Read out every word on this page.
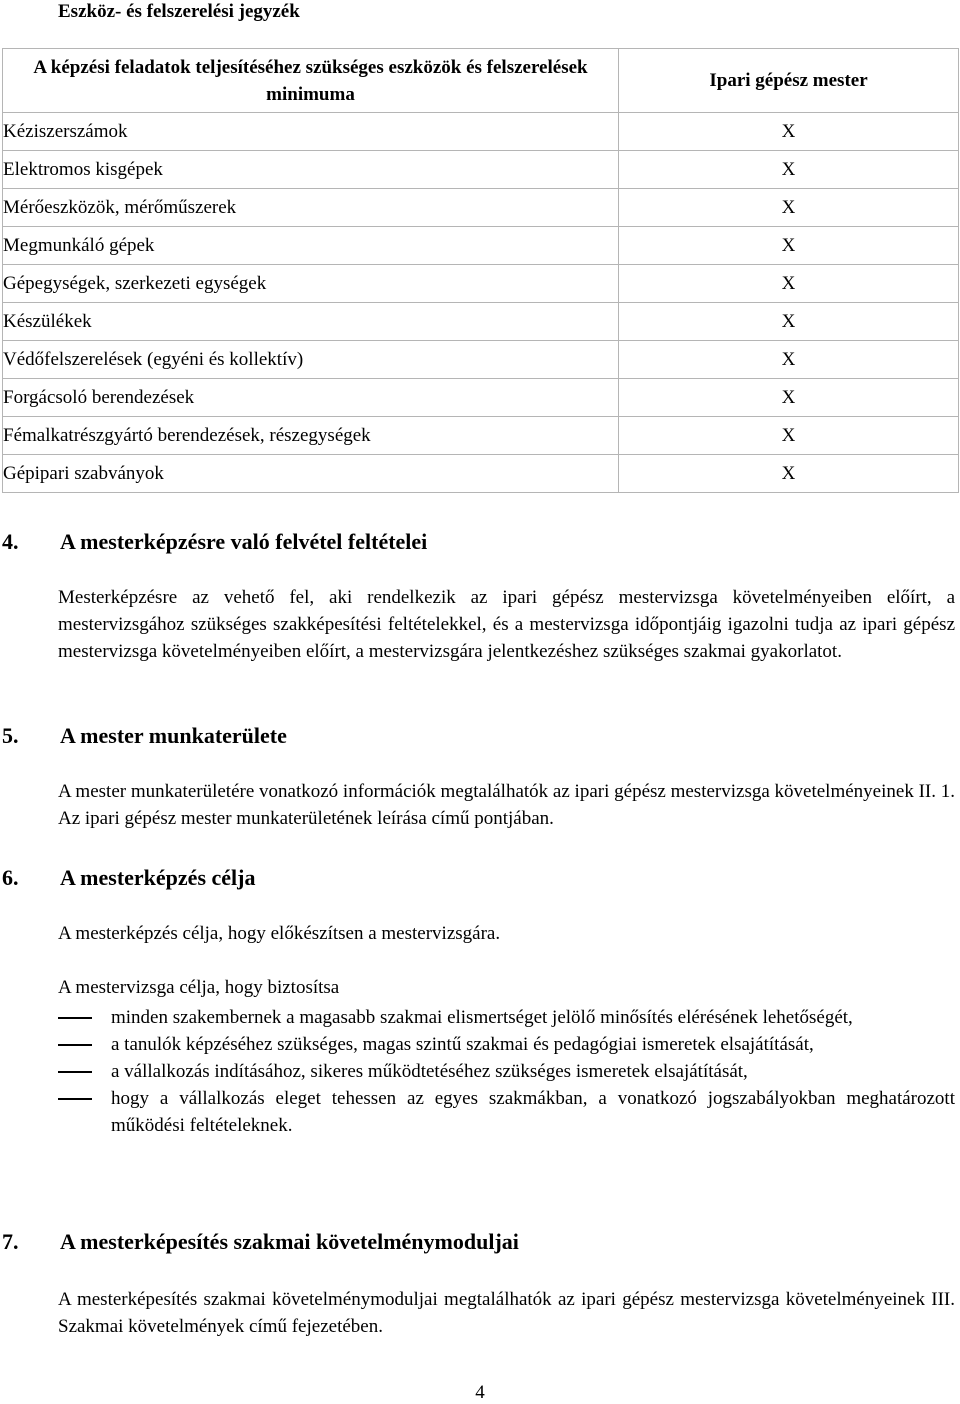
Eszköz- és felszerelési jegyzék
A képzési feladatok teljesítéséhez szükséges eszközök és felszerelések minimuma	Ipari gépész mester
Kéziszerszámok	X
Elektromos kisgépek	X
Mérőeszközök, mérőműszerek	X
Megmunkáló gépek	X
Gépegységek, szerkezeti egységek	X
Készülékek	X
Védőfelszerelések (egyéni és kollektív)	X
Forgácsoló berendezések	X
Fémalkatrészgyártó berendezések, részegységek	X
Gépipari szabványok	X
4. A mesterképzésre való felvétel feltételei
Mesterképzésre az vehető fel, aki rendelkezik az ipari gépész mestervizsga követelményeiben előírt, a mestervizsgához szükséges szakképesítési feltételekkel, és a mestervizsga időpontjáig igazolni tudja az ipari gépész mestervizsga követelményeiben előírt, a mestervizsgára jelentkezéshez szükséges szakmai gyakorlatot.
5. A mester munkaterülete
A mester munkaterületére vonatkozó információk megtalálhatók az ipari gépész mestervizsga követelményeinek II. 1. Az ipari gépész mester munkaterületének leírása című pontjában.
6. A mesterképzés célja
A mesterképzés célja, hogy előkészítsen a mestervizsgára.
A mestervizsga célja, hogy biztosítsa
minden szakembernek a magasabb szakmai elismertséget jelölő minősítés elérésének lehetőségét,
a tanulók képzéséhez szükséges, magas szintű szakmai és pedagógiai ismeretek elsajátítását,
a vállalkozás indításához, sikeres működtetéséhez szükséges ismeretek elsajátítását,
hogy a vállalkozás eleget tehessen az egyes szakmákban, a vonatkozó jogszabályokban meghatározott működési feltételeknek.
7. A mesterképesítés szakmai követelménymoduljai
A mesterképesítés szakmai követelménymoduljai megtalálhatók az ipari gépész mestervizsga követelményeinek III. Szakmai követelmények című fejezetében.
4
